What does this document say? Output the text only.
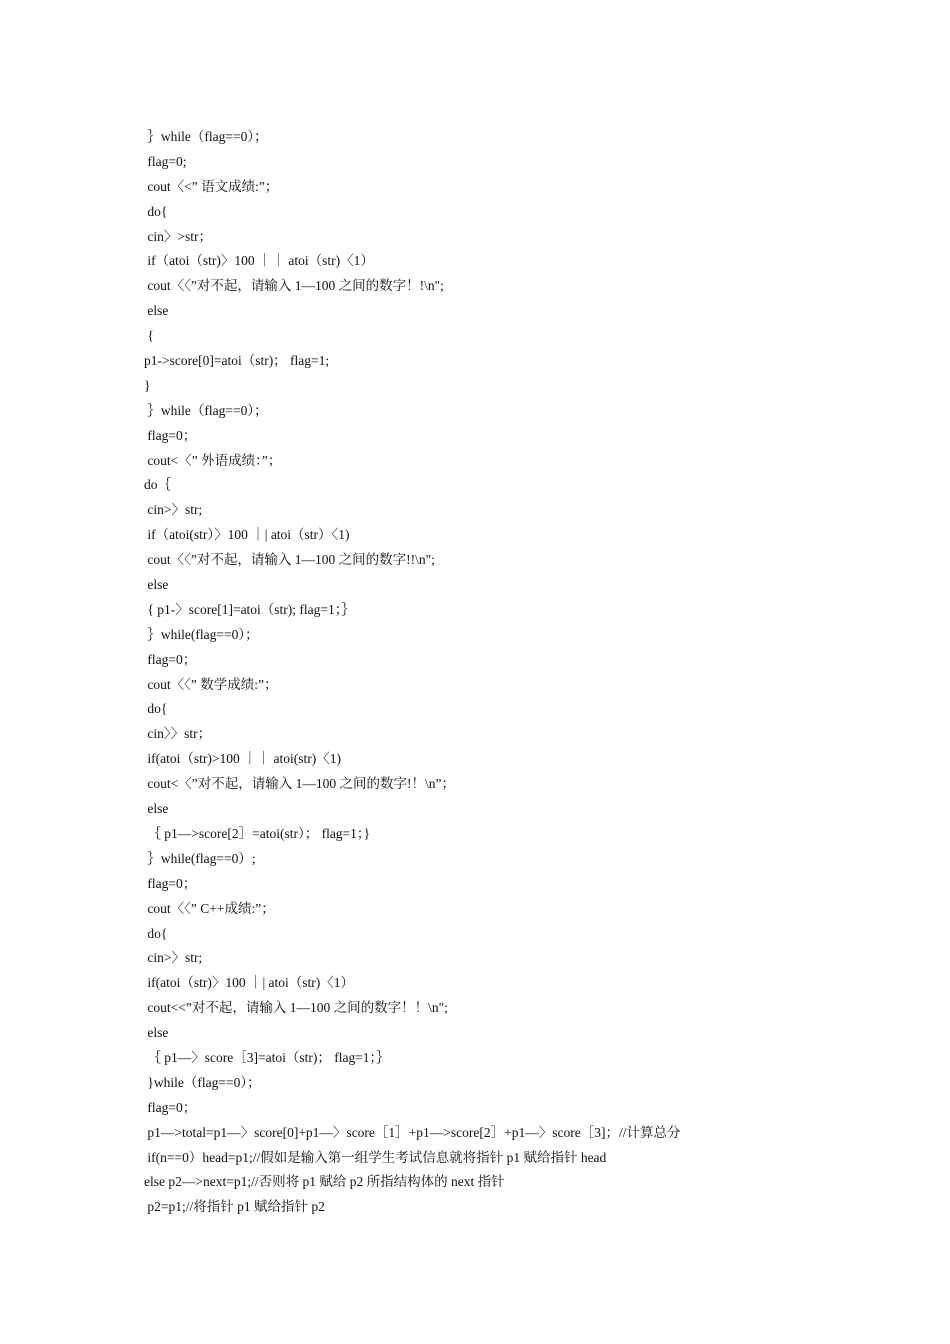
｝while（flag==0）；
flag=0;
cout〈<” 语文成绩:”；
do{
cin〉>str；
if（atoi（str)〉100 ｜｜ atoi（str)〈1）
cout〈〈”对不起，请输入 1—100 之间的数字！!\n";
else
{
p1->score[0]=atoi（str)； flag=1;
}
｝while（flag==0）；
flag=0；
cout<〈” 外语成绩：”；
do｛
cin>〉str;
if（atoi(str）〉100 ｜| atoi（str）〈1)
cout〈〈”对不起，请输入 1—100 之间的数字!!\n";
else
{ p1-〉score[1]=atoi（str); flag=1；｝
｝while(flag==0）；
flag=0；
cout〈〈” 数学成绩:”；
do{
cin〉〉str；
if(atoi（str)>100 ｜｜ atoi(str)〈1)
cout<〈”对不起，请输入 1—100 之间的数字!！\n”；
else
｛ p1—>score[2］=atoi(str）； flag=1；}
｝while(flag==0）;
flag=0；
cout〈〈” C++成绩:”；
do{
cin>〉str;
if(atoi（str)〉100 ｜| atoi（str)〈1）
cout<<”对不起，请输入 1—100 之间的数字！！\n";
else
｛ p1—〉score［3]=atoi（str)； flag=1；｝
}while（flag==0）；
flag=0；
p1—>total=p1—〉score[0]+p1—〉score［1］+p1—>score[2］+p1—〉score［3]；//计算总分
if(n==0）head=p1;//假如是输入第一组学生考试信息就将指针 p1 赋给指针 head
else p2—>next=p1;//否则将 p1 赋给 p2 所指结构体的 next 指针
p2=p1;//将指针 p1 赋给指针 p2
